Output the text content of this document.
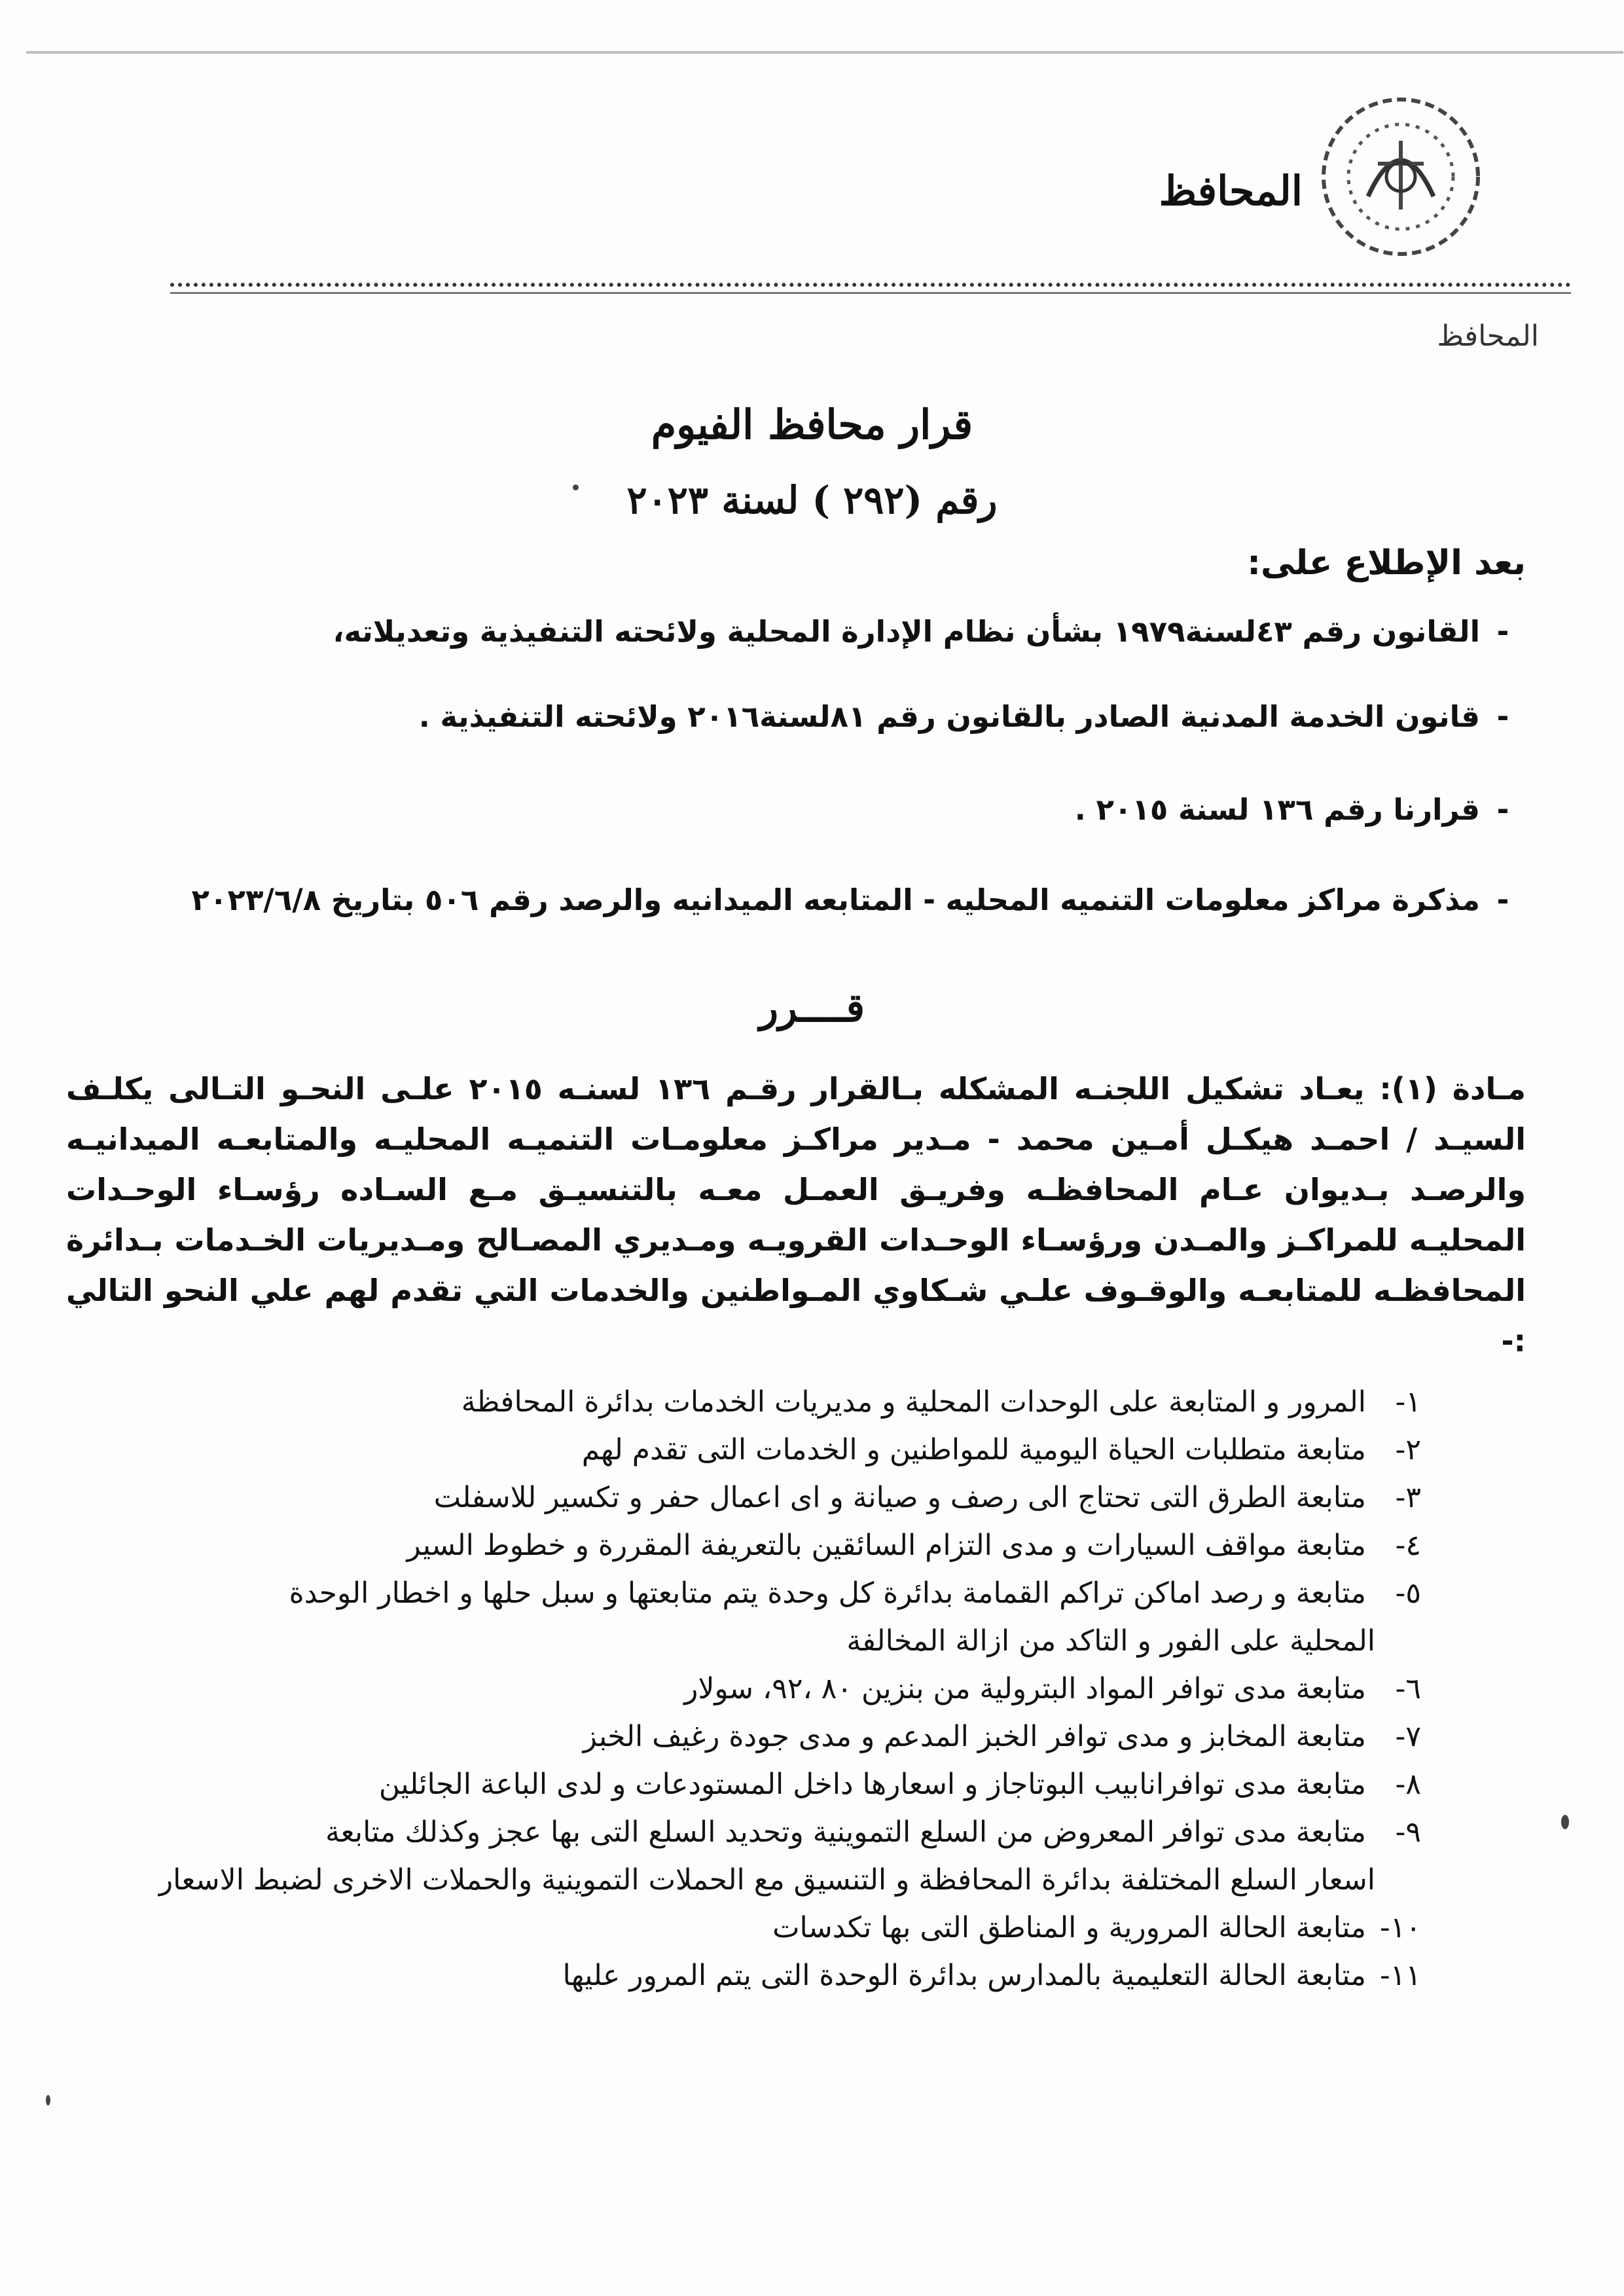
المحافظ
المحافظ
قرار محافظ الفيوم
رقم (٢٩٢ ) لسنة ٢٠٢٣
بعد الإطلاع على:
-القانون رقم ٤٣لسنة١٩٧٩ بشأن نظام الإدارة المحلية ولائحته التنفيذية وتعديلاته،
-قانون الخدمة المدنية الصادر بالقانون رقم ٨١لسنة٢٠١٦ ولائحته التنفيذية .
-قرارنا رقم ١٣٦ لسنة ٢٠١٥ .
-مذكرة مراكز معلومات التنميه المحليه - المتابعه الميدانيه والرصد رقم ٥٠٦ بتاريخ ٢٠٢٣/٦/٨
قــــرر
مـادة (١): يعـاد تشكيل اللجنـه المشكله بـالقرار رقـم ١٣٦ لسنـه ٢٠١٥ علـى النحـو التـالى يكلـف السيـد / احمـد هيكـل أمـين محمد - مـدير مراكـز معلومـات التنميـه المحليـه والمتابعـه الميدانيـه والرصـد بـديوان عـام المحافظـه وفريـق العمـل معـه بالتنسيـق مـع السـاده رؤسـاء الوحـدات المحليـه للمراكـز والمـدن ورؤسـاء الوحـدات القرويـه ومـديري المصـالح ومـديريات الخـدمات بـدائرة المحافظـه للمتابعـه والوقـوف علـي شـكاوي المـواطنين والخدمات التي تقدم لهم علي النحو التالي :-
١- المرور و المتابعة على الوحدات المحلية و مديريات الخدمات بدائرة المحافظة
٢- متابعة متطلبات الحياة اليومية للمواطنين و الخدمات التى تقدم لهم
٣- متابعة الطرق التى تحتاج الى رصف و صيانة و اى اعمال حفر و تكسير للاسفلت
٤- متابعة مواقف السيارات و مدى التزام السائقين بالتعريفة المقررة و خطوط السير
٥- متابعة و رصد اماكن تراكم القمامة بدائرة كل وحدة يتم متابعتها و سبل حلها و اخطار الوحدة
المحلية على الفور و التاكد من ازالة المخالفة
٦- متابعة مدى توافر المواد البترولية من بنزين ٨٠ ،٩٢، سولار
٧- متابعة المخابز و مدى توافر الخبز المدعم و مدى جودة رغيف الخبز
٨- متابعة مدى توافرانابيب البوتاجاز و اسعارها داخل المستودعات و لدى الباعة الجائلين
٩- متابعة مدى توافر المعروض من السلع التموينية وتحديد السلع التى بها عجز وكذلك متابعة
اسعار السلع المختلفة بدائرة المحافظة و التنسيق مع الحملات التموينية والحملات الاخرى لضبط الاسعار
١٠- متابعة الحالة المرورية و المناطق التى بها تكدسات
١١- متابعة الحالة التعليمية بالمدارس بدائرة الوحدة التى يتم المرور عليها
